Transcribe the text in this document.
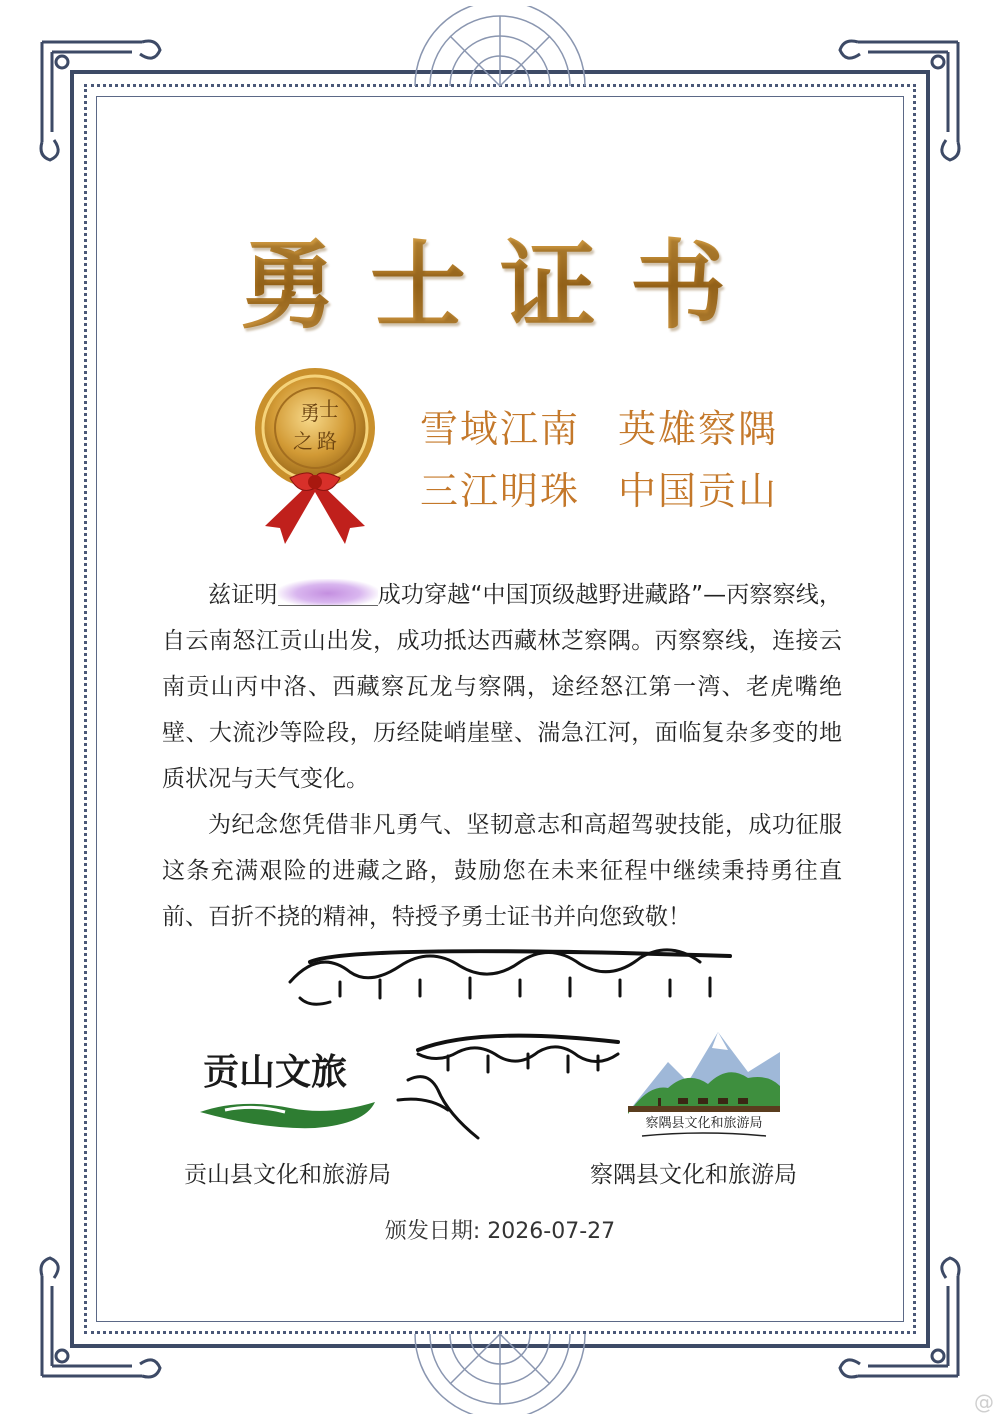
勇士证书
勇 士
之 路 雪域江南 英雄察隅
三江明珠 中国贡山

兹证明	成功穿越“中国顶级越野进藏路”—丙察察线，自云南怒江贡山出发，成功抵达西藏林芝察隅。丙察察线，连接云南贡山丙中洛、西藏察瓦龙与察隅，途经怒江第一湾、老虎嘴绝壁、大流沙等险段，历经陡峭崖壁、湍急江河，面临复杂多变的地质状况与天气变化。

为纪念您凭借非凡勇气、坚韧意志和高超驾驶技能，成功征服这条充满艰险的进藏之路，鼓励您在未来征程中继续秉持勇往直前、百折不挠的精神，特授予勇士证书并向您致敬！

贡山文旅
察隅县文化和旅游局
贡山县文化和旅游局	察隅县文化和旅游局
颁发日期: 2026-07-27
@
